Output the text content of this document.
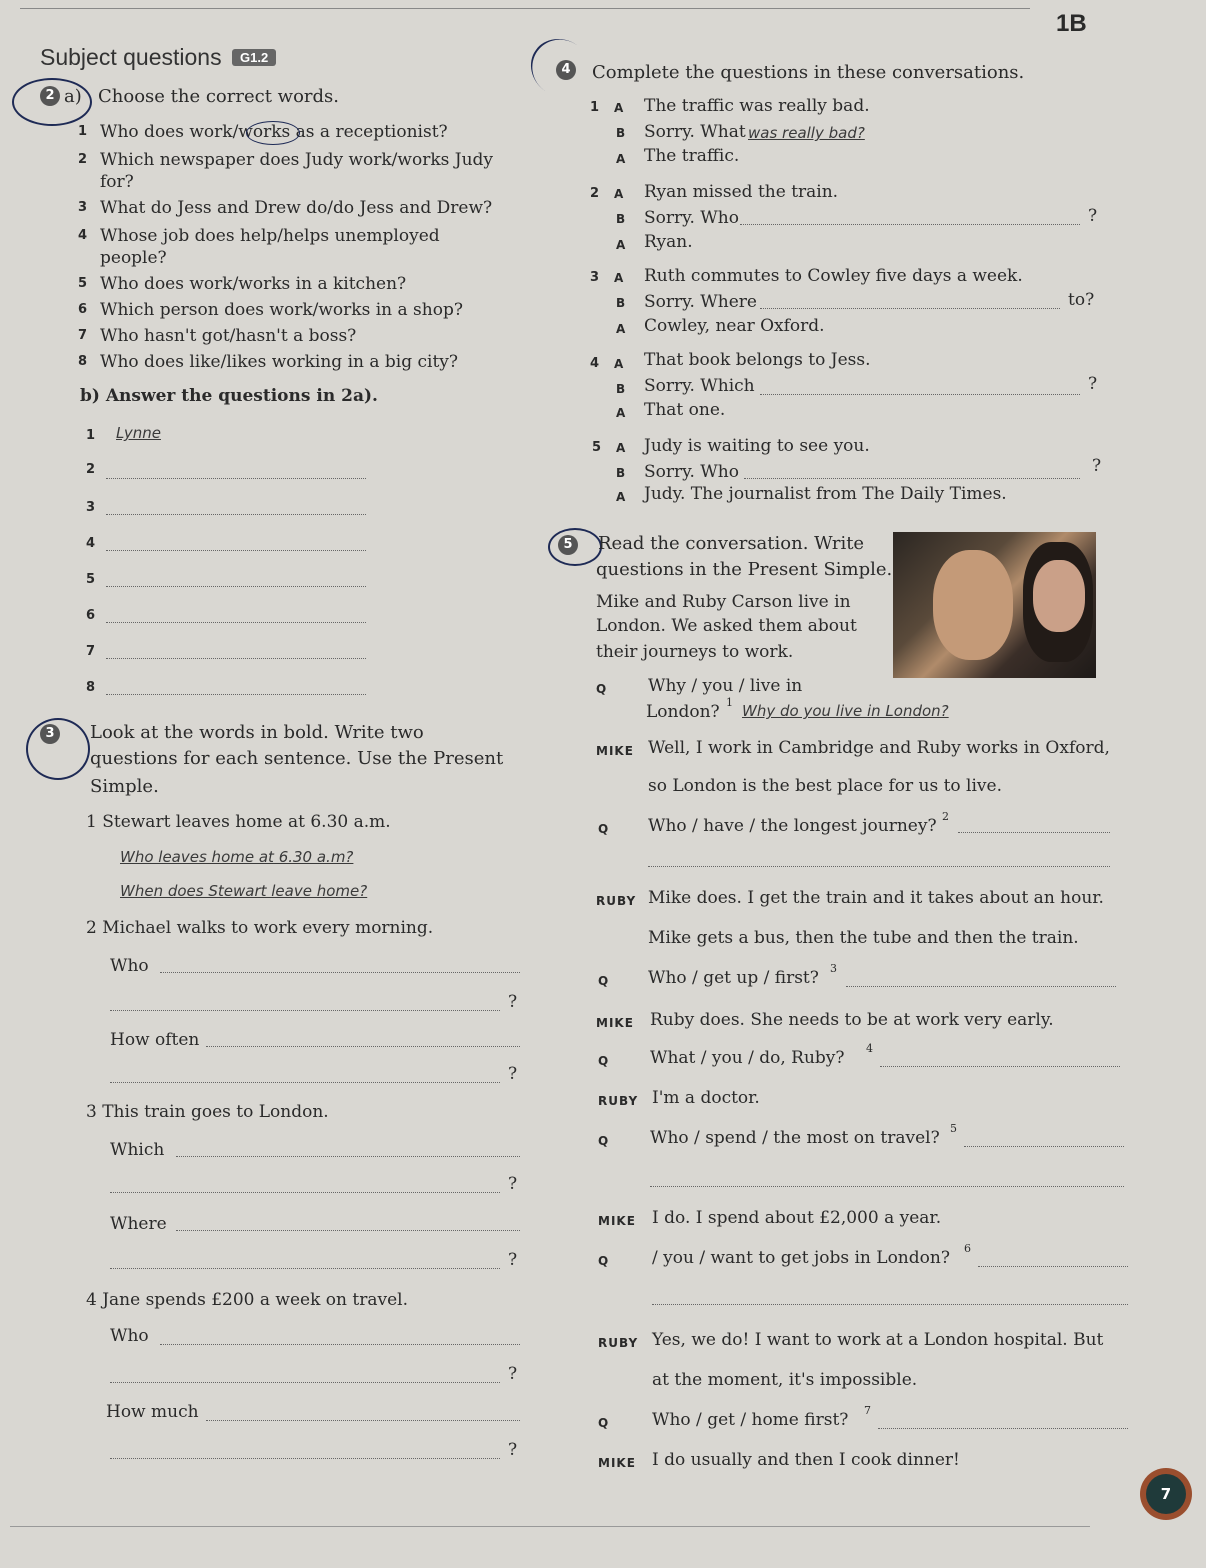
1B
Subject questions	G1.2
2 a) Choose the correct words.
1 Who does work/works as a receptionist?
2 Which newspaper does Judy work/works Judy
for?
3 What do Jess and Drew do/do Jess and Drew?
4 Whose job does help/helps unemployed
people?
5 Who does work/works in a kitchen?
6 Which person does work/works in a shop?
7 Who hasn't got/hasn't a boss?
8 Who does like/likes working in a big city?
b) Answer the questions in 2a).
1 Lynne
2
3
4
5
6
7
8
3	Look at the words in bold. Write two
questions for each sentence. Use the Present
Simple.
1 Stewart leaves home at 6.30 a.m.
Who leaves home at 6.30 a.m?
When does Stewart leave home?
2 Michael walks to work every morning.
Who
?
How often
?
3 This train goes to London.
Which
?
Where
?
4 Jane spends £200 a week on travel.
Who
?
How much
?
4	Complete the questions in these conversations.
1 A The traffic was really bad.
B Sorry. What was really bad?
A The traffic.
2 A Ryan missed the train.
B Sorry. Who	?
A Ryan.
3 A Ruth commutes to Cowley five days a week.
B Sorry. Where	to?
A Cowley, near Oxford.
4 A That book belongs to Jess.
B Sorry. Which	?
A That one.
5 A Judy is waiting to see you.
B Sorry. Who	?
A Judy. The journalist from The Daily Times.
5	Read the conversation. Write
questions in the Present Simple.
Mike and Ruby Carson live in
London. We asked them about
their journeys to work.
Q Why / you / live in
London? 1 Why do you live in London?
MIKE Well, I work in Cambridge and Ruby works in Oxford,
so London is the best place for us to live.
Q Who / have / the longest journey? 2
RUBY Mike does. I get the train and it takes about an hour.
Mike gets a bus, then the tube and then the train.
Q Who / get up / first? 3
MIKE Ruby does. She needs to be at work very early.
Q What / you / do, Ruby? 4
RUBY I'm a doctor.
Q Who / spend / the most on travel? 5
MIKE I do. I spend about £2,000 a year.
Q	/ you / want to get jobs in London? 6
RUBY Yes, we do! I want to work at a London hospital. But
at the moment, it's impossible.
Q	Who / get / home first? 7
MIKE I do usually and then I cook dinner!
7
